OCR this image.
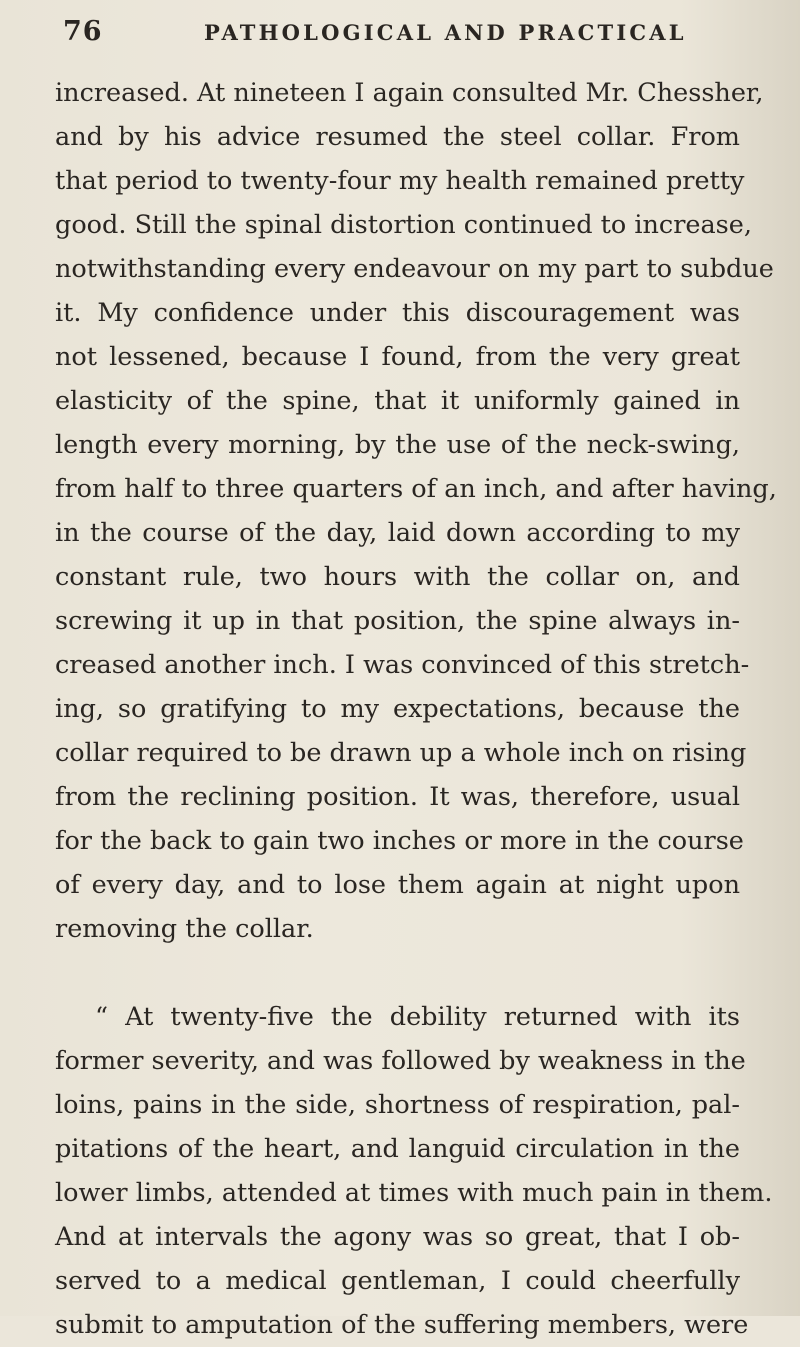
76	PATHOLOGICAL AND PRACTICAL
increased. At nineteen I again consulted Mr. Chessher,
and by his advice resumed the steel collar. From
that period to twenty-four my health remained pretty
good. Still the spinal distortion continued to increase,
notwithstanding every endeavour on my part to subdue
it. My confidence under this discouragement was
not lessened, because I found, from the very great
elasticity of the spine, that it uniformly gained in
length every morning, by the use of the neck-swing,
from half to three quarters of an inch, and after having,
in the course of the day, laid down according to my
constant rule, two hours with the collar on, and
screwing it up in that position, the spine always in-
creased another inch. I was convinced of this stretch-
ing, so gratifying to my expectations, because the
collar required to be drawn up a whole inch on rising
from the reclining position. It was, therefore, usual
for the back to gain two inches or more in the course
of every day, and to lose them again at night upon
removing the collar.
“ At twenty-five the debility returned with its
former severity, and was followed by weakness in the
loins, pains in the side, shortness of respiration, pal-
pitations of the heart, and languid circulation in the
lower limbs, attended at times with much pain in them.
And at intervals the agony was so great, that I ob-
served to a medical gentleman, I could cheerfully
submit to amputation of the suffering members, were
